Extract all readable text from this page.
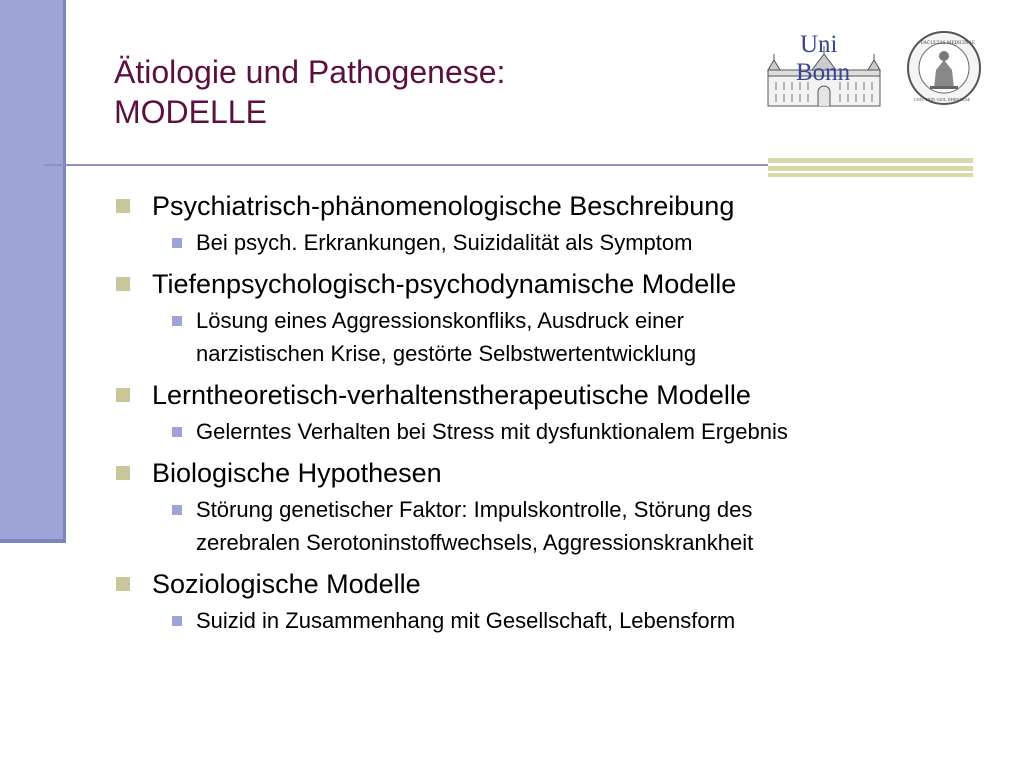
Ätiologie und Pathogenese:
MODELLE
Uni
Bonn
FACULTAS MEDICINAE
UNIV. FRID. GUIL. RHENANAE
Psychiatrisch-phänomenologische Beschreibung
Bei psych. Erkrankungen, Suizidalität als Symptom
Tiefenpsychologisch-psychodynamische Modelle
Lösung eines Aggressionskonfliks, Ausdruck einer
narzistischen Krise, gestörte Selbstwertentwicklung
Lerntheoretisch-verhaltenstherapeutische Modelle
Gelerntes Verhalten bei Stress mit dysfunktionalem Ergebnis
Biologische Hypothesen
Störung genetischer Faktor: Impulskontrolle, Störung des
zerebralen Serotoninstoffwechsels, Aggressionskrankheit
Soziologische Modelle
Suizid in Zusammenhang mit Gesellschaft, Lebensform
